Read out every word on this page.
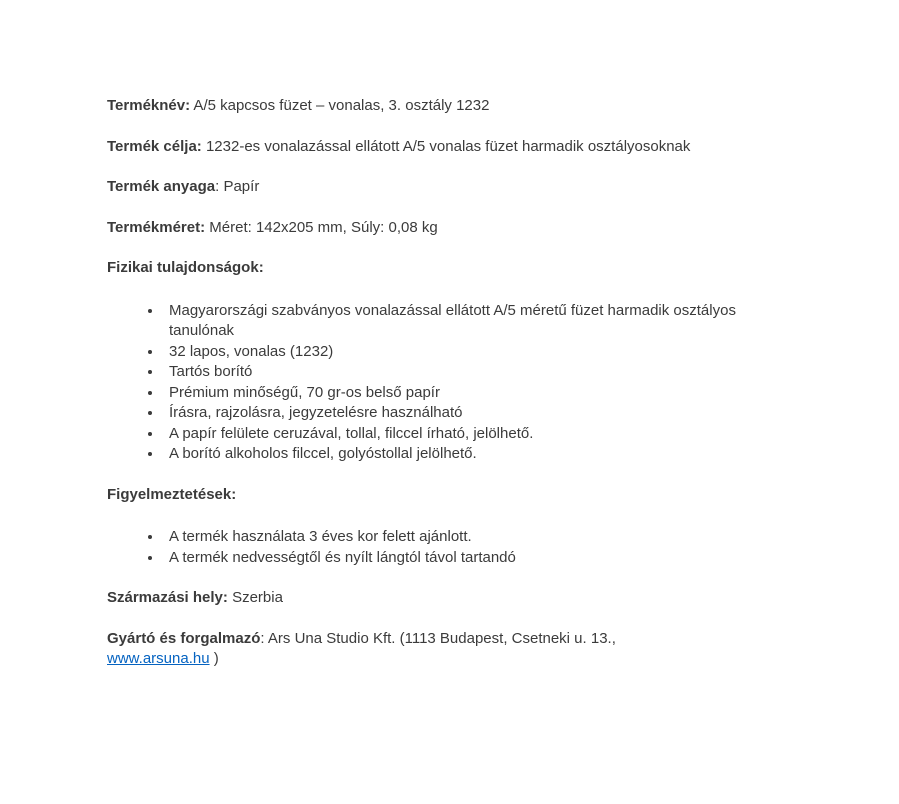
Terméknév: A/5 kapcsos füzet – vonalas, 3. osztály 1232

Termék célja: 1232-es vonalazással ellátott A/5 vonalas füzet harmadik osztályosoknak

Termék anyaga: Papír

Termékméret: Méret: 142x205 mm, Súly: 0,08 kg

Fizikai tulajdonságok:

• Magyarországi szabványos vonalazással ellátott A/5 méretű füzet harmadik osztályos tanulónak
• 32 lapos, vonalas (1232)
• Tartós borító
• Prémium minőségű, 70 gr-os belső papír
• Írásra, rajzolásra, jegyzetelésre használható
• A papír felülete ceruzával, tollal, filccel írható, jelölhető.
• A borító alkoholos filccel, golyóstollal jelölhető.

Figyelmeztetések:

• A termék használata 3 éves kor felett ajánlott.
• A termék nedvességtől és nyílt lángtól távol tartandó

Származási hely: Szerbia

Gyártó és forgalmazó: Ars Una Studio Kft. (1113 Budapest, Csetneki u. 13.,
www.arsuna.hu )
